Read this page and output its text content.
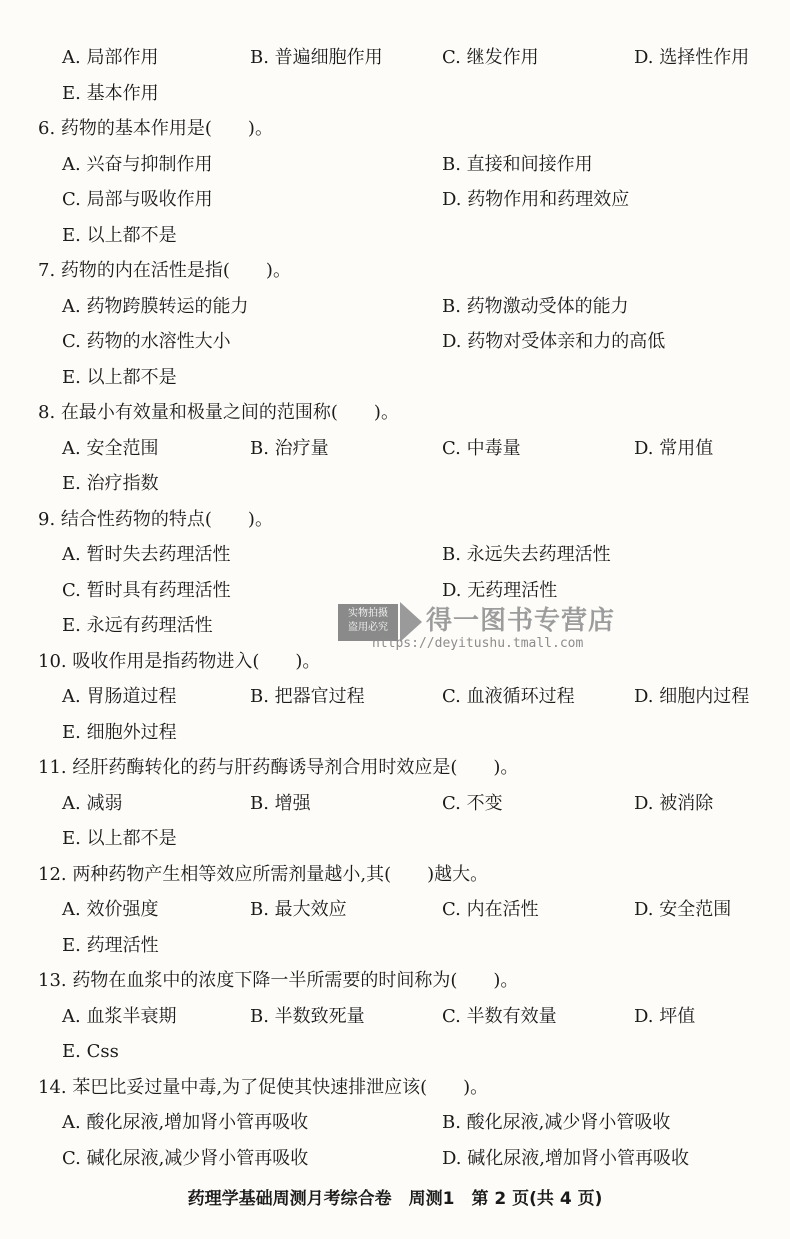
A. 局部作用	B. 普遍细胞作用	C. 继发作用	D. 选择性作用
E. 基本作用
6. 药物的基本作用是(　　)。
A. 兴奋与抑制作用	B. 直接和间接作用
C. 局部与吸收作用	D. 药物作用和药理效应
E. 以上都不是
7. 药物的内在活性是指(　　)。
A. 药物跨膜转运的能力	B. 药物激动受体的能力
C. 药物的水溶性大小	D. 药物对受体亲和力的高低
E. 以上都不是
8. 在最小有效量和极量之间的范围称(　　)。
A. 安全范围	B. 治疗量	C. 中毒量	D. 常用值
E. 治疗指数
9. 结合性药物的特点(　　)。
A. 暂时失去药理活性	B. 永远失去药理活性
C. 暂时具有药理活性	D. 无药理活性
E. 永远有药理活性
10. 吸收作用是指药物进入(　　)。
A. 胃肠道过程	B. 把器官过程	C. 血液循环过程	D. 细胞内过程
E. 细胞外过程
11. 经肝药酶转化的药与肝药酶诱导剂合用时效应是(　　)。
A. 减弱	B. 增强	C. 不变	D. 被消除
E. 以上都不是
12. 两种药物产生相等效应所需剂量越小,其(　　)越大。
A. 效价强度	B. 最大效应	C. 内在活性	D. 安全范围
E. 药理活性
13. 药物在血浆中的浓度下降一半所需要的时间称为(　　)。
A. 血浆半衰期	B. 半数致死量	C. 半数有效量	D. 坪值
E. Css
14. 苯巴比妥过量中毒,为了促使其快速排泄应该(　　)。
A. 酸化尿液,增加肾小管再吸收	B. 酸化尿液,减少肾小管吸收
C. 碱化尿液,减少肾小管再吸收	D. 碱化尿液,增加肾小管再吸收
实物拍摄
盗用必究	得一图书专营店
https://deyitushu.tmall.com
药理学基础周测月考综合卷　周测1　第 2 页(共 4 页)
